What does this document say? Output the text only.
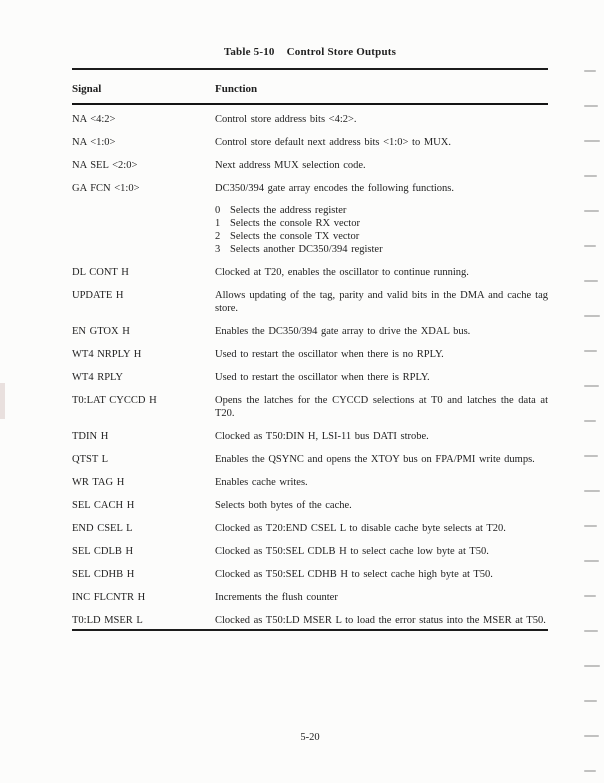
Table 5-10 Control Store Outputs
Signal	Function
NA <4:2>	Control store address bits <4:2>.
NA <1:0>	Control store default next address bits <1:0> to MUX.
NA SEL <2:0>	Next address MUX selection code.
GA FCN <1:0>	DC350/394 gate array encodes the following functions.
0 Selects the address register
1 Selects the console RX vector
2 Selects the console TX vector
3 Selects another DC350/394 register
DL CONT H	Clocked at T20, enables the oscillator to continue running.
UPDATE H	Allows updating of the tag, parity and valid bits in the DMA and cache tag store.
EN GTOX H	Enables the DC350/394 gate array to drive the XDAL bus.
WT4 NRPLY H	Used to restart the oscillator when there is no RPLY.
WT4 RPLY	Used to restart the oscillator when there is RPLY.
T0:LAT CYCCD H	Opens the latches for the CYCCD selections at T0 and latches the data at T20.
TDIN H	Clocked as T50:DIN H, LSI-11 bus DATI strobe.
QTST L	Enables the QSYNC and opens the XTOY bus on FPA/PMI write dumps.
WR TAG H	Enables cache writes.
SEL CACH H	Selects both bytes of the cache.
END CSEL L	Clocked as T20:END CSEL L to disable cache byte selects at T20.
SEL CDLB H	Clocked as T50:SEL CDLB H to select cache low byte at T50.
SEL CDHB H	Clocked as T50:SEL CDHB H to select cache high byte at T50.
INC FLCNTR H	Increments the flush counter
T0:LD MSER L	Clocked as T50:LD MSER L to load the error status into the MSER at T50.
5-20
